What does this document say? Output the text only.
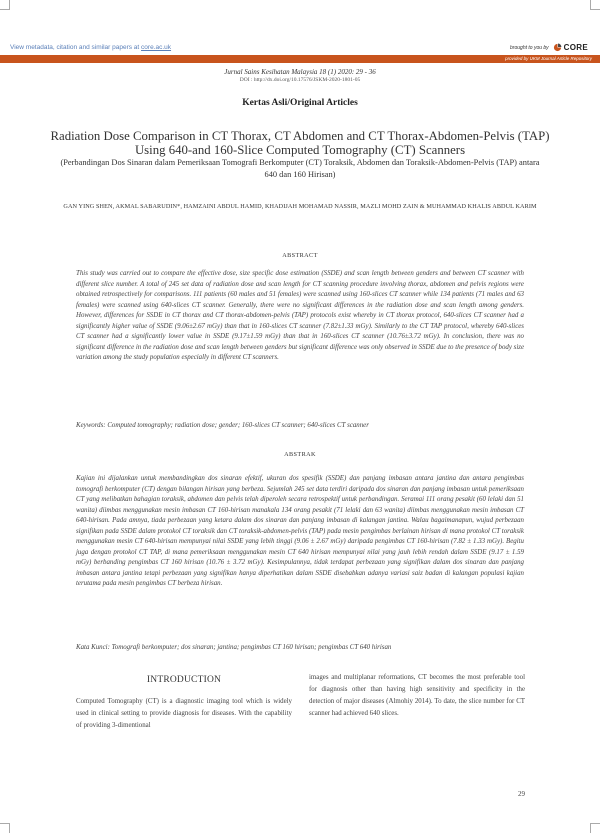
View metadata, citation and similar papers at core.ac.uk	brought to you by CORE
provided by UKM Journal Article Repository
Jurnal Sains Kesihatan Malaysia 18 (1) 2020: 29 - 36
DOI : http://dx.doi.org/10.17576/JSKM-2020-1801-05
Kertas Asli/Original Articles
Radiation Dose Comparison in CT Thorax, CT Abdomen and CT Thorax-Abdomen-Pelvis (TAP) Using 640-and 160-Slice Computed Tomography (CT) Scanners
(Perbandingan Dos Sinaran dalam Pemeriksaan Tomografi Berkomputer (CT) Toraksik, Abdomen dan Toraksik-Abdomen-Pelvis (TAP) antara 640 dan 160 Hirisan)
GAN YING SHEN, AKMAL SABARUDIN*, HAMZAINI ABDUL HAMID, KHADIJAH MOHAMAD NASSIR, MAZLI MOHD ZAIN & MUHAMMAD KHALIS ABDUL KARIM
ABSTRACT
This study was carried out to compare the effective dose, size specific dose estimation (SSDE) and scan length between genders and between CT scanner with different slice number. A total of 245 set data of radiation dose and scan length for CT scanning procedure involving thorax, abdomen and pelvis regions were obtained retrospectively for comparisons. 111 patients (60 males and 51 females) were scanned using 160-slices CT scanner while 134 patients (71 males and 63 females) were scanned using 640-slices CT scanner. Generally, there were no significant differences in the radiation dose and scan length among genders. However, differences for SSDE in CT thorax and CT thorax-abdomen-pelvis (TAP) protocols exist whereby in CT thorax protocol, 640-slices CT scanner had a significantly higher value of SSDE (9.06±2.67 mGy) than that in 160-slices CT scanner (7.82±1.33 mGy). Similarly to the CT TAP protocol, whereby 640-slices CT scanner had a significantly lower value in SSDE (9.17±1.59 mGy) than that in 160-slices CT scanner (10.76±3.72 mGy). In conclusion, there was no significant difference in the radiation dose and scan length between genders but significant difference was only observed in SSDE due to the presence of body size variation among the study population especially in different CT scanners.
Keywords: Computed tomography; radiation dose; gender; 160-slices CT scanner; 640-slices CT scanner
ABSTRAK
Kajian ini dijalankan untuk membandingkan dos sinaran efektif, ukuran dos spesifik (SSDE) dan panjang imbasan antara jantina dan antara pengimbas tomografi berkomputer (CT) dengan bilangan hirisan yang berbeza. Sejumlah 245 set data terdiri daripada dos sinaran dan panjang imbasan untuk pemeriksaan CT yang melibatkan bahagian toraksik, abdomen dan pelvis telah diperoleh secara retrospektif untuk perbandingan. Seramai 111 orang pesakit (60 lelaki dan 51 wanita) diimbas menggunakan mesin imbasan CT 160-hirisan manakala 134 orang pesakit (71 lelaki dan 63 wanita) diimbas menggunakan mesin imbasan CT 640-hirisan. Pada amnya, tiada perbezaan yang ketara dalam dos sinaran dan panjang imbasan di kalangan jantina. Walau bagaimanapun, wujud perbezaan signifikan pada SSDE dalam protokol CT toraksik dan CT toraksik-abdomen-pelvis (TAP) pada mesin pengimbas berlainan hirisan di mana protokol CT toraksik menggunakan mesin CT 640-hirisan mempunyai nilai SSDE yang lebih tinggi (9.06 ± 2.67 mGy) daripada pengimbas CT 160-hirisan (7.82 ± 1.33 mGy). Begitu juga dengan protokol CT TAP, di mana pemeriksaan menggunakan mesin CT 640 hirisan mempunyai nilai yang jauh lebih rendah dalam SSDE (9.17 ± 1.59 mGy) berbanding pengimbas CT 160 hirisan (10.76 ± 3.72 mGy). Kesimpulannya, tidak terdapat perbezaan yang signifikan dalam dos sinaran dan panjang imbasan antara jantina tetapi perbezaan yang signifikan hanya diperhatikan dalam SSDE disebabkan adanya variasi saiz badan di kalangan populasi kajian terutama pada mesin pengimbas CT berbeza hirisan.
Kata Kunci: Tomografi berkomputer; dos sinaran; jantina; pengimbas CT 160 hirisan; pengimbas CT 640 hirisan
INTRODUCTION
Computed Tomography (CT) is a diagnostic imaging tool which is widely used in clinical setting to provide diagnosis for diseases. With the capability of providing 3-dimentional
images and multiplanar reformations, CT becomes the most preferable tool for diagnosis other than having high sensitivity and specificity in the detection of major diseases (Almohiy 2014). To date, the slice number for CT scanner had achieved 640 slices.
29
